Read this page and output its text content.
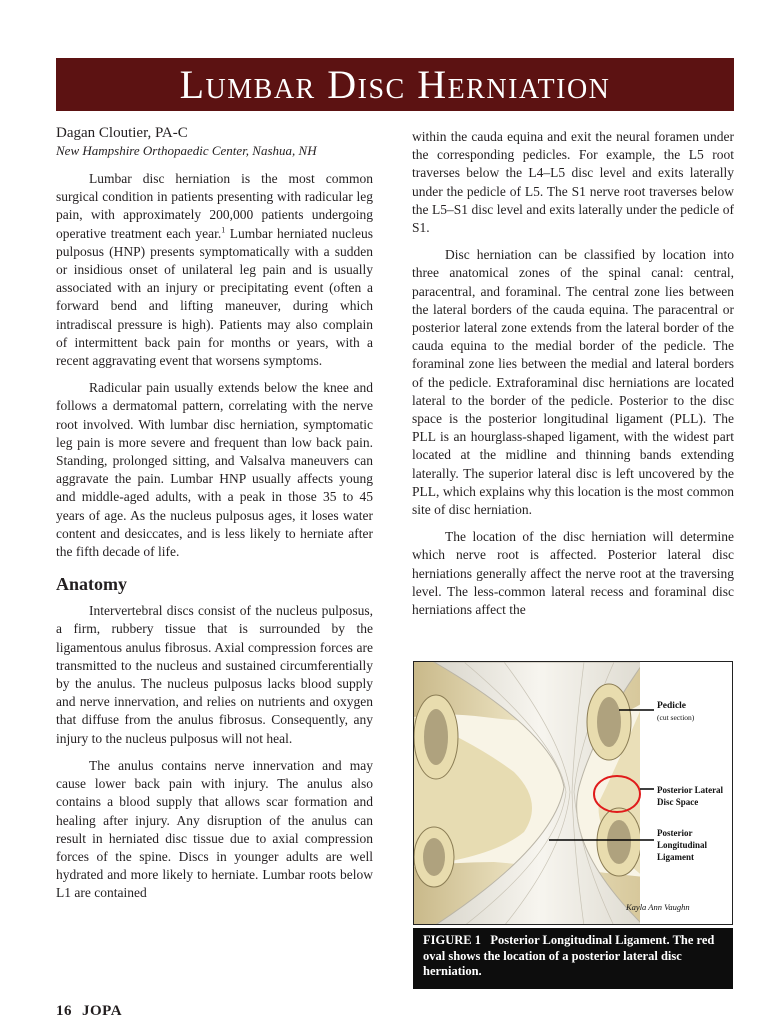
Lumbar Disc Herniation

Dagan Cloutier, PA-C

New Hampshire Orthopaedic Center, Nashua, NH

Lumbar disc herniation is the most common surgical condition in patients presenting with radicular leg pain, with approximately 200,000 patients undergoing operative treatment each year.$^1$ Lumbar herniated nucleus pulposus (HNP) presents symptomatically with a sudden or insidious onset of unilateral leg pain and is usually associated with an injury or precipitating event (often a forward bend and lifting maneuver, during which intradiscal pressure is high). Patients may also complain of intermittent back pain for months or years, with a recent aggravating event that worsens symptoms.

Radicular pain usually extends below the knee and follows a dermatomal pattern, correlating with the nerve root involved. With lumbar disc herniation, symptomatic leg pain is more severe and frequent than low back pain. Standing, prolonged sitting, and Valsalva maneuvers can aggravate the pain. Lumbar HNP usually affects young and middle-aged adults, with a peak in those 35 to 45 years of age. As the nucleus pulposus ages, it loses water content and desiccates, and is less likely to herniate after the fifth decade of life.

Anatomy

Intervertebral discs consist of the nucleus pulposus, a firm, rubbery tissue that is surrounded by the ligamentous anulus fibrosus. Axial compression forces are transmitted to the nucleus and sustained circumferentially by the anulus. The nucleus pulposus lacks blood supply and nerve innervation, and relies on nutrients and oxygen that diffuse from the anulus fibrosus. Consequently, any injury to the nucleus pulposus will not heal.

The anulus contains nerve innervation and may cause lower back pain with injury. The anulus also contains a blood supply that allows scar formation and healing after injury. Any disruption of the anulus can result in herniated disc tissue due to axial compression forces of the spine. Discs in younger adults are well hydrated and more likely to herniate. Lumbar roots below L1 are contained

within the cauda equina and exit the neural foramen under the corresponding pedicles. For example, the L5 root traverses below the L4–L5 disc level and exits laterally under the pedicle of L5. The S1 nerve root traverses below the L5–S1 disc level and exits laterally under the pedicle of S1.

Disc herniation can be classified by location into three anatomical zones of the spinal canal: central, paracentral, and foraminal. The central zone lies between the lateral borders of the cauda equina. The paracentral or posterior lateral zone extends from the lateral border of the cauda equina to the medial border of the pedicle. The foraminal zone lies between the medial and lateral borders of the pedicle. Extraforaminal disc herniations are located lateral to the border of the pedicle. Posterior to the disc space is the posterior longitudinal ligament (PLL). The PLL is an hourglass-shaped ligament, with the widest part located at the midline and thinning bands extending laterally. The superior lateral disc is left uncovered by the PLL, which explains why this location is the most common site of disc herniation.

The location of the disc herniation will determine which nerve root is affected. Posterior lateral disc herniations generally affect the nerve root at the traversing level. The less-common lateral recess and foraminal disc herniations affect the

Pedicle
(cut section)
Posterior Lateral
Disc Space
Posterior
Longitudinal
Ligament
Kayla Ann Vaughn
FIGURE 1 Posterior Longitudinal Ligament. The red oval shows the location of a posterior lateral disc herniation.
16 JOPA
